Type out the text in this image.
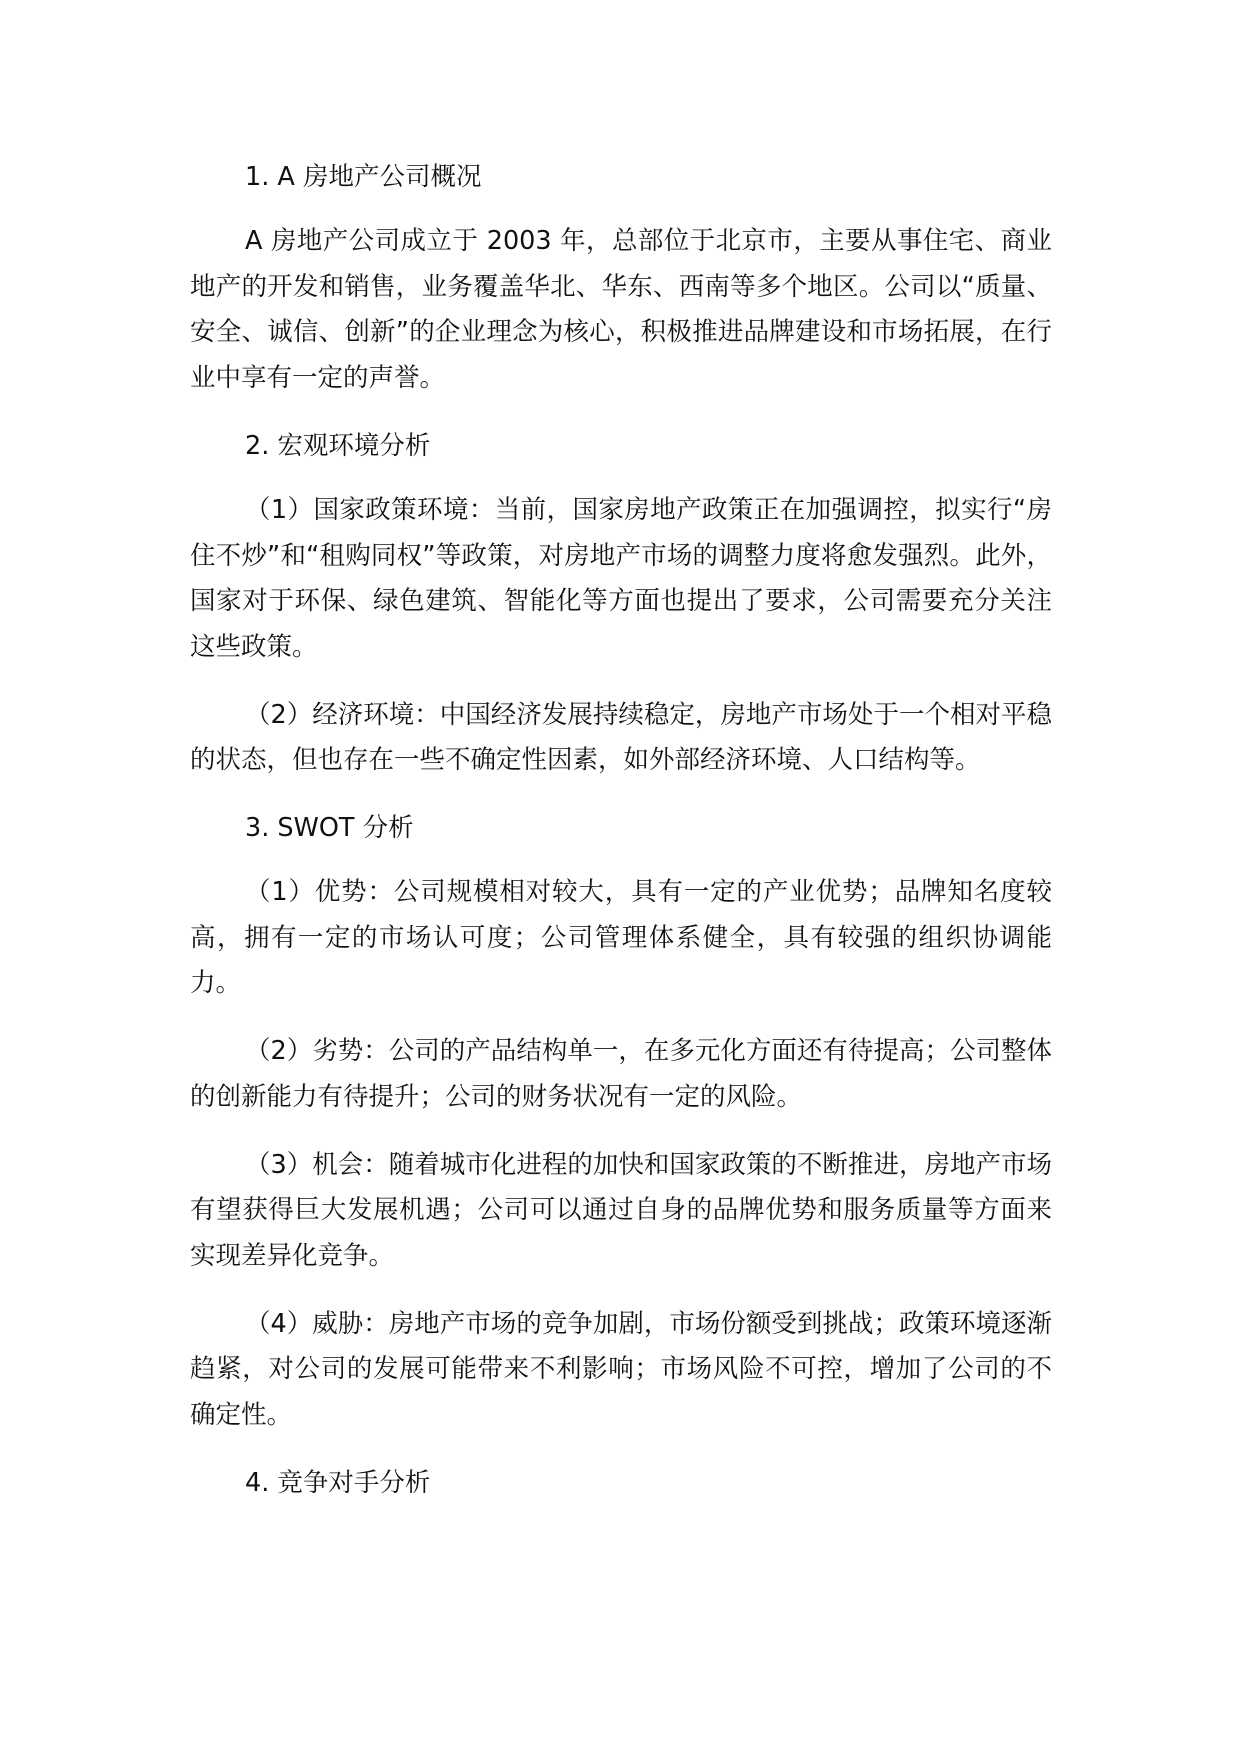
1. A 房地产公司概况

A 房地产公司成立于 2003 年，总部位于北京市，主要从事住宅、商业地产的开发和销售，业务覆盖华北、华东、西南等多个地区。公司以“质量、安全、诚信、创新”的企业理念为核心，积极推进品牌建设和市场拓展，在行业中享有一定的声誉。

2. 宏观环境分析

（1）国家政策环境：当前，国家房地产政策正在加强调控，拟实行“房住不炒”和“租购同权”等政策，对房地产市场的调整力度将愈发强烈。此外，国家对于环保、绿色建筑、智能化等方面也提出了要求，公司需要充分关注这些政策。

（2）经济环境：中国经济发展持续稳定，房地产市场处于一个相对平稳的状态，但也存在一些不确定性因素，如外部经济环境、人口结构等。

3. SWOT 分析

（1）优势：公司规模相对较大，具有一定的产业优势；品牌知名度较高，拥有一定的市场认可度；公司管理体系健全，具有较强的组织协调能力。

（2）劣势：公司的产品结构单一，在多元化方面还有待提高；公司整体的创新能力有待提升；公司的财务状况有一定的风险。

（3）机会：随着城市化进程的加快和国家政策的不断推进，房地产市场有望获得巨大发展机遇；公司可以通过自身的品牌优势和服务质量等方面来实现差异化竞争。

（4）威胁：房地产市场的竞争加剧，市场份额受到挑战；政策环境逐渐趋紧，对公司的发展可能带来不利影响；市场风险不可控，增加了公司的不确定性。

4. 竞争对手分析
